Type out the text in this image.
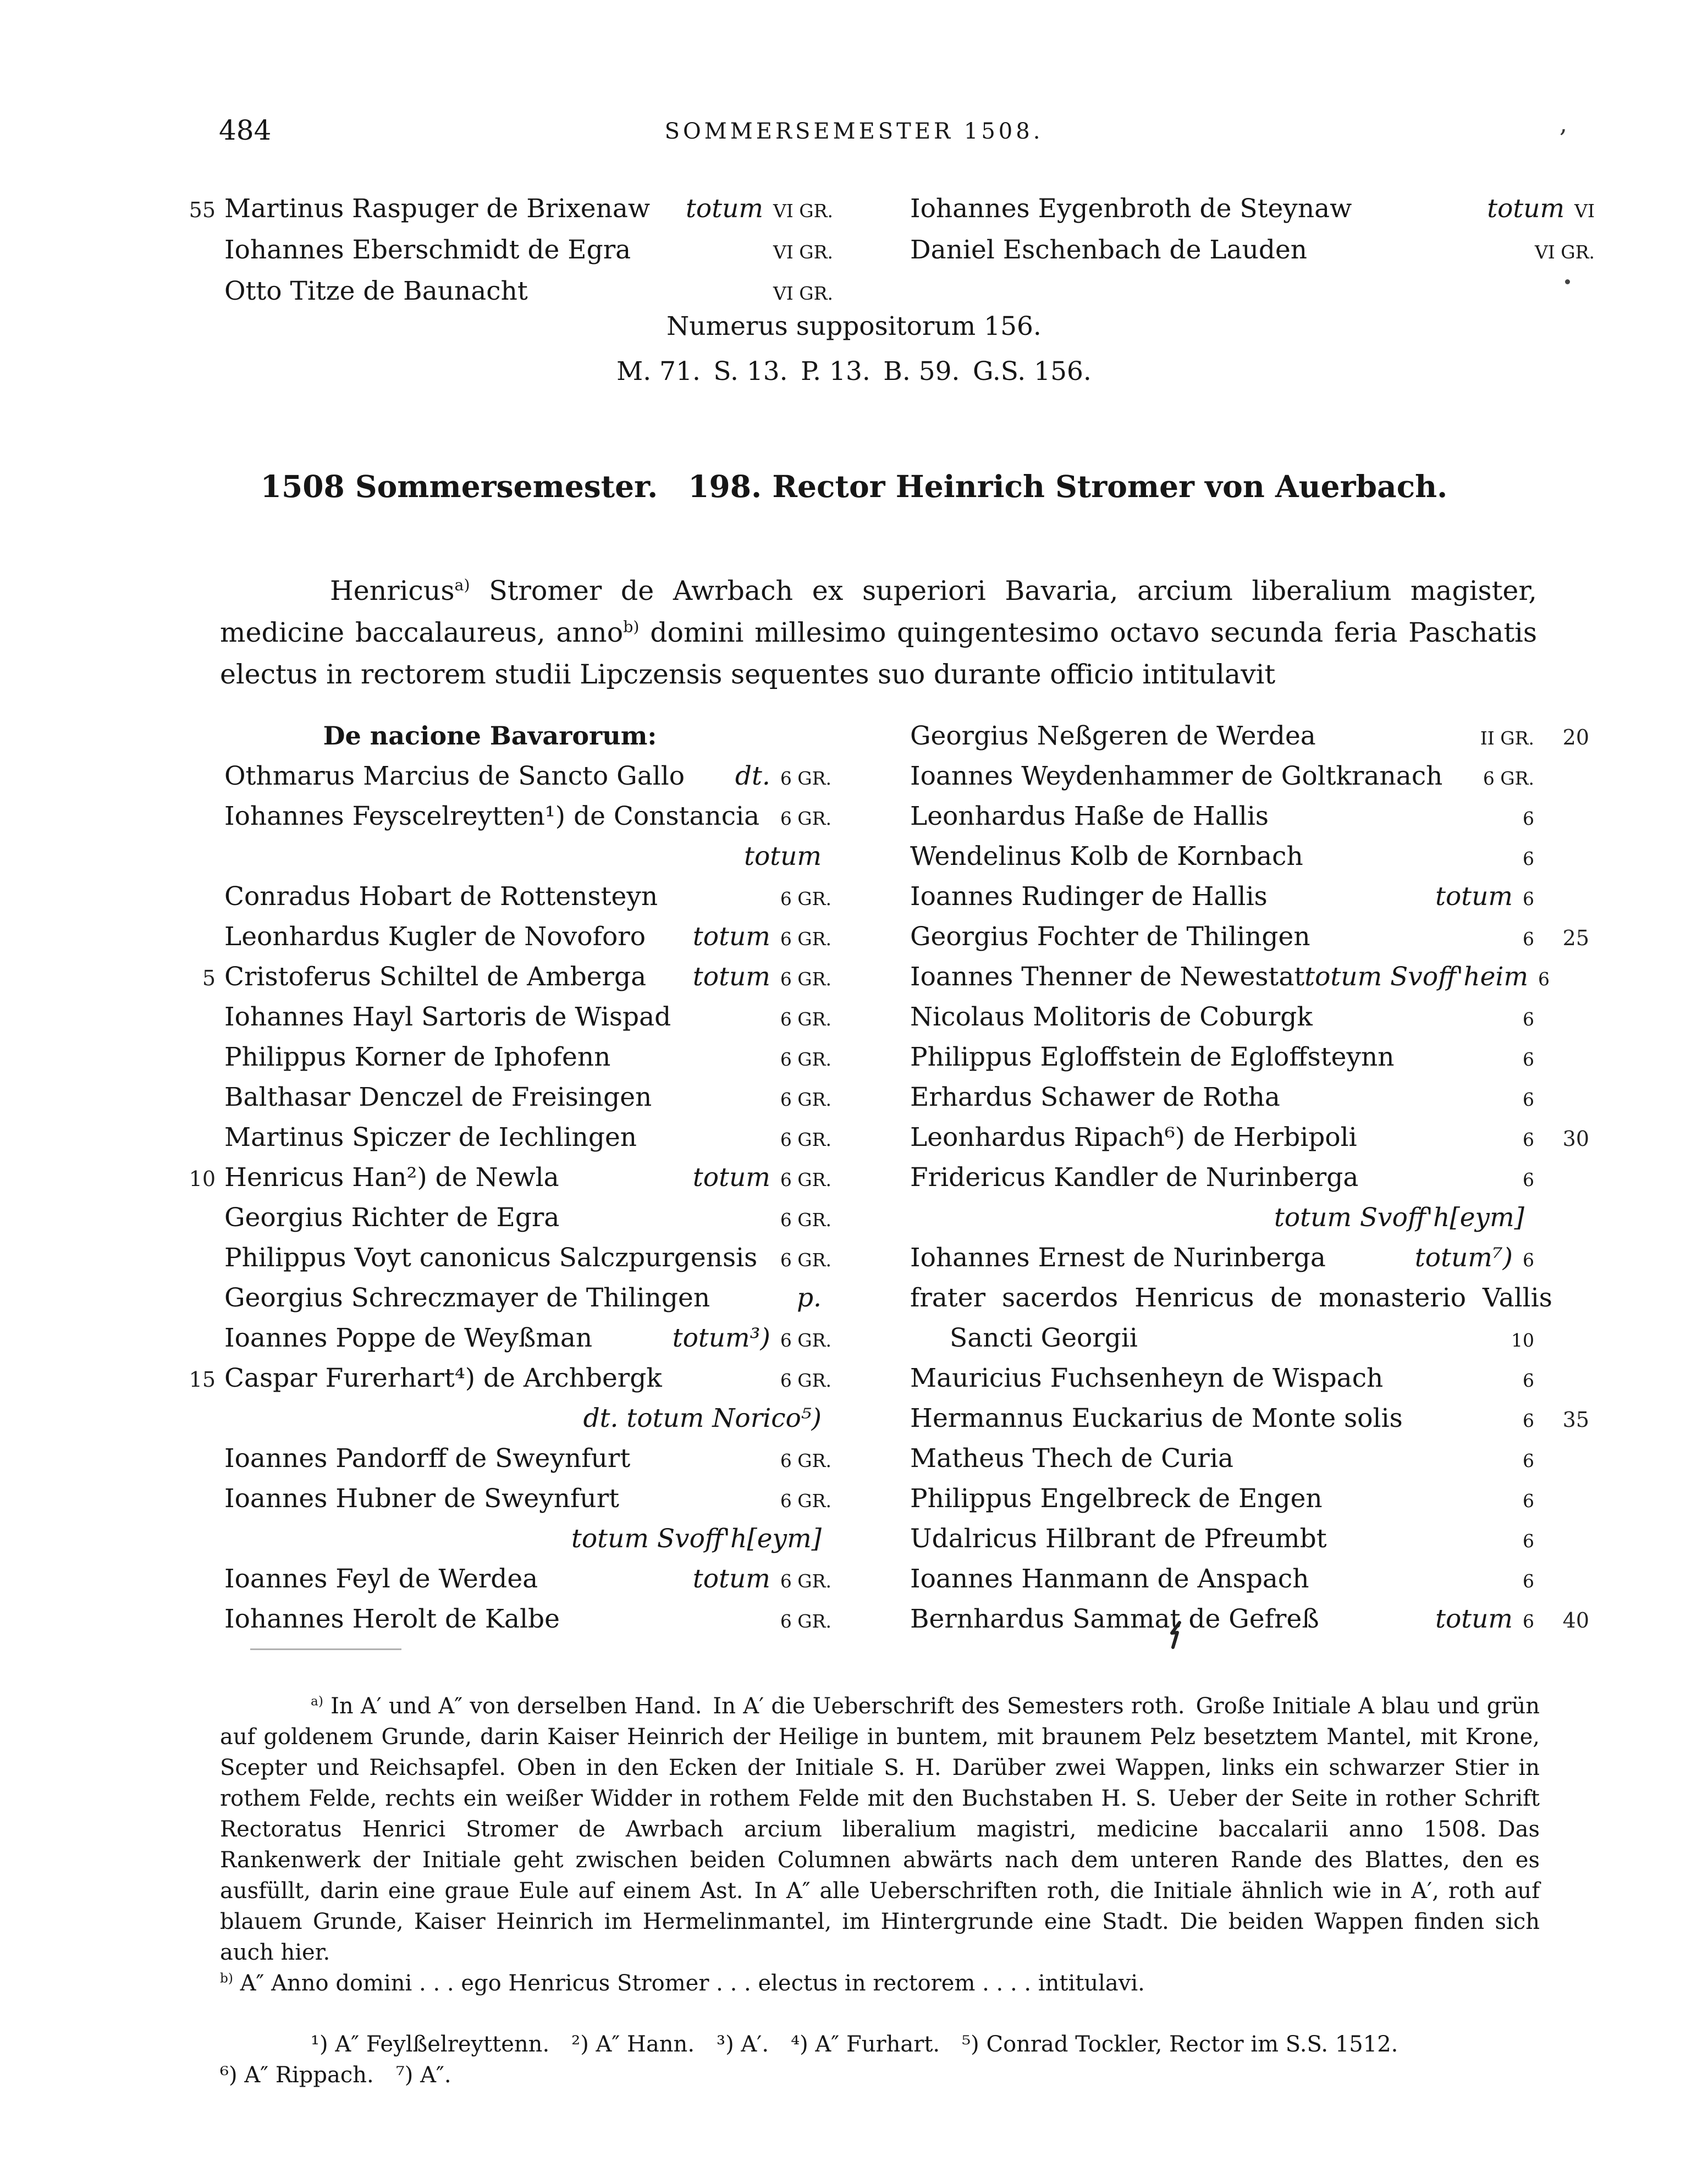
484	SOMMERSEMESTER 1508.
55 Martinus Raspuger de Brixenaw totum VI gr.
Iohannes Eberschmidt de Egra	VI gr.
Otto Titze de Baunacht	VI gr.
Iohannes Eygenbroth de Steynaw	totum VI
Daniel Eschenbach de Lauden	VI gr.
Numerus suppositorum 156.
M. 71. S. 13. P. 13. B. 59. G.S. 156.
1508 Sommersemester. 198. Rector Heinrich Stromer von Auerbach.

Henricus$^{a)}$ Stromer de Awrbach ex superiori Bavaria, arcium liberalium magister, medicine baccalaureus, anno$^{b)}$ domini millesimo quingentesimo octavo secunda feria Paschatis electus in rectorem studii Lipczensis sequentes suo durante officio intitulavit

De nacione Bavarorum:
Othmarus Marcius de Sancto Gallo dt. 6 gr.
Iohannes Feyscelreytten¹) de Constancia 6 gr.
totum
Conradus Hobart de Rottensteyn	6 gr.
Leonhardus Kugler de Novoforo totum 6 gr.
5 Cristoferus Schiltel de Amberga totum 6 gr.
Iohannes Hayl Sartoris de Wispad	6 gr.
Philippus Korner de Iphofenn	6 gr.
Balthasar Denczel de Freisingen	6 gr.
Martinus Spiczer de Iechlingen	6 gr.
10 Henricus Han²) de Newla	totum 6 gr.
Georgius Richter de Egra	6 gr.
Philippus Voyt canonicus Salczpurgensis 6 gr.
Georgius Schreczmayer de Thilingen	p.
Ioannes Poppe de Weyßman	totum³) 6 gr.
15 Caspar Furerhart⁴) de Archbergk	6 gr.
dt. totum Norico⁵)
Ioannes Pandorff de Sweynfurt	6 gr.
Ioannes Hubner de Sweynfurt	6 gr.
totum Svoff'h[eym]
Ioannes Feyl de Werdea	totum 6 gr.
Iohannes Herolt de Kalbe	6 gr.
Georgius Neßgeren de Werdea	II gr.	20
Ioannes Weydenhammer de Goltkranach 6 gr.
Leonhardus Haße de Hallis	6
Wendelinus Kolb de Kornbach	6
Ioannes Rudinger de Hallis	totum 6
Georgius Fochter de Thilingen	6	25
Ioannes Thenner de Newestat totum Svoff'heim 6
Nicolaus Molitoris de Coburgk	6
Philippus Egloffstein de Egloffsteynn	6
Erhardus Schawer de Rotha	6
Leonhardus Ripach⁶) de Herbipoli	6	30
Fridericus Kandler de Nurinberga	6
totum Svoff'h[eym]
Iohannes Ernest de Nurinberga	totum⁷) 6
frater sacerdos Henricus de monasterio Vallis
Sancti Georgii	10
Mauricius Fuchsenheyn de Wispach	6
Hermannus Euckarius de Monte solis	6	35
Matheus Thech de Curia	6
Philippus Engelbreck de Engen	6
Udalricus Hilbrant de Pfreumbt	6
Ioannes Hanmann de Anspach	6
Bernhardus Sammat de Gefreß	totum 6	40

$^{a)}$ In A′ und A″ von derselben Hand. In A′ die Ueberschrift des Semesters roth. Große Initiale A blau und grün auf goldenem Grunde, darin Kaiser Heinrich der Heilige in buntem, mit braunem Pelz besetztem Mantel, mit Krone, Scepter und Reichsapfel. Oben in den Ecken der Initiale S. H. Darüber zwei Wappen, links ein schwarzer Stier in rothem Felde, rechts ein weißer Widder in rothem Felde mit den Buchstaben H. S. Ueber der Seite in rother Schrift Rectoratus Henrici Stromer de Awrbach arcium liberalium magistri, medicine baccalarii anno 1508. Das Rankenwerk der Initiale geht zwischen beiden Columnen abwärts nach dem unteren Rande des Blattes, den es ausfüllt, darin eine graue Eule auf einem Ast. In A″ alle Ueberschriften roth, die Initiale ähnlich wie in A′, roth auf blauem Grunde, Kaiser Heinrich im Hermelinmantel, im Hintergrunde eine Stadt. Die beiden Wappen finden sich auch hier.

$^{b)}$ A″ Anno domini . . . ego Henricus Stromer . . . electus in rectorem . . . . intitulavi.

¹) A″ Feylßelreyttenn. ²) A″ Hann. ³) A′. ⁴) A″ Furhart. ⁵) Conrad Tockler, Rector im S.S. 1512.

⁶) A″ Rippach. ⁷) A″.

,
